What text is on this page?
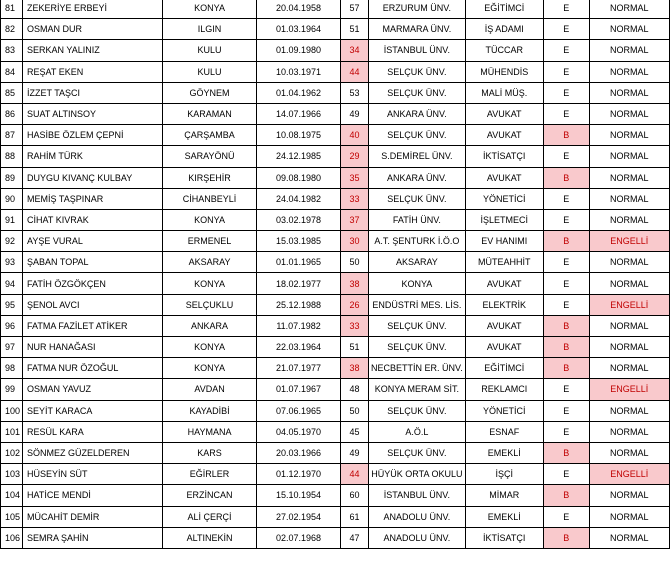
81	ZEKERİYE ERBEYİ	KONYA	20.04.1958	57	ERZURUM ÜNV.	EĞİTİMCİ	E	NORMAL
82	OSMAN DUR	ILGIN	01.03.1964	51	MARMARA ÜNV.	İŞ ADAMI	E	NORMAL
83	SERKAN YALINIZ	KULU	01.09.1980	34	İSTANBUL ÜNV.	TÜCCAR	E	NORMAL
84	REŞAT EKEN	KULU	10.03.1971	44	SELÇUK ÜNV.	MÜHENDİS	E	NORMAL
85	İZZET TAŞCI	GÖYNEM	01.04.1962	53	SELÇUK ÜNV.	MALİ MÜŞ.	E	NORMAL
86	SUAT ALTINSOY	KARAMAN	14.07.1966	49	ANKARA ÜNV.	AVUKAT	E	NORMAL
87	HASİBE ÖZLEM ÇEPNİ	ÇARŞAMBA	10.08.1975	40	SELÇUK ÜNV.	AVUKAT	B	NORMAL
88	RAHİM TÜRK	SARAYÖNÜ	24.12.1985	29	S.DEMİREL ÜNV.	İKTİSATÇI	E	NORMAL
89	DUYGU KIVANÇ KULBAY	KIRŞEHİR	09.08.1980	35	ANKARA ÜNV.	AVUKAT	B	NORMAL
90	MEMİŞ TAŞPINAR	CİHANBEYLİ	24.04.1982	33	SELÇUK ÜNV.	YÖNETİCİ	E	NORMAL
91	CİHAT KIVRAK	KONYA	03.02.1978	37	FATİH ÜNV.	İŞLETMECİ	E	NORMAL
92	AYŞE VURAL	ERMENEL	15.03.1985	30	A.T. ŞENTURK İ.Ö.O	EV HANIMI	B	ENGELLİ
93	ŞABAN TOPAL	AKSARAY	01.01.1965	50	AKSARAY	MÜTEAHHİT	E	NORMAL
94	FATİH ÖZGÖKÇEN	KONYA	18.02.1977	38	KONYA	AVUKAT	E	NORMAL
95	ŞENOL AVCI	SELÇUKLU	25.12.1988	26	ENDÜSTRİ MES. LİS.	ELEKTRİK	E	ENGELLİ
96	FATMA FAZİLET ATİKER	ANKARA	11.07.1982	33	SELÇUK ÜNV.	AVUKAT	B	NORMAL
97	NUR HANAĞASI	KONYA	22.03.1964	51	SELÇUK ÜNV.	AVUKAT	B	NORMAL
98	FATMA NUR ÖZOĞUL	KONYA	21.07.1977	38	NECBETTİN ER. ÜNV.	EĞİTİMCİ	B	NORMAL
99	OSMAN YAVUZ	AVDAN	01.07.1967	48	KONYA MERAM SİT.	REKLAMCI	E	ENGELLİ
100	SEYİT KARACA	KAYADİBİ	07.06.1965	50	SELÇUK ÜNV.	YÖNETİCİ	E	NORMAL
101	RESÜL KARA	HAYMANA	04.05.1970	45	A.Ö.L	ESNAF	E	NORMAL
102	SÖNMEZ GÜZELDEREN	KARS	20.03.1966	49	SELÇUK ÜNV.	EMEKLİ	B	NORMAL
103	HÜSEYİN SÜT	EĞİRLER	01.12.1970	44	HÜYÜK ORTA OKULU	İŞÇİ	E	ENGELLİ
104	HATİCE MENDİ	ERZİNCAN	15.10.1954	60	İSTANBUL ÜNV.	MİMAR	B	NORMAL
105	MÜCAHİT DEMİR	ALİ ÇERÇİ	27.02.1954	61	ANADOLU ÜNV.	EMEKLİ	E	NORMAL
106	SEMRA ŞAHİN	ALTINEKİN	02.07.1968	47	ANADOLU ÜNV.	İKTİSATÇI	B	NORMAL
